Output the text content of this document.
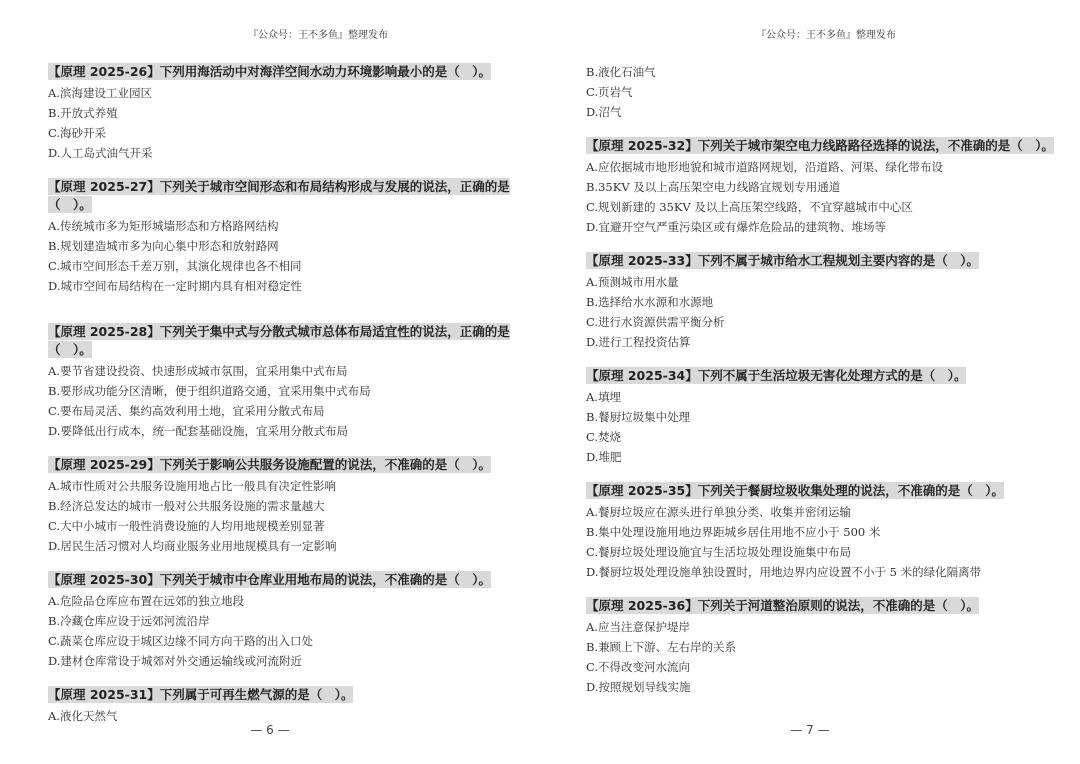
『公众号：王不多鱼』整理发布
【原理 2025-26】下列用海活动中对海洋空间水动力环境影响最小的是（　）。
A.滨海建设工业园区
B.开放式养殖
C.海砂开采
D.人工岛式油气开采
【原理 2025-27】下列关于城市空间形态和布局结构形成与发展的说法，正确的是（　）。
A.传统城市多为矩形城墙形态和方格路网结构
B.规划建造城市多为向心集中形态和放射路网
C.城市空间形态千差万别，其演化规律也各不相同
D.城市空间布局结构在一定时期内具有相对稳定性
【原理 2025-28】下列关于集中式与分散式城市总体布局适宜性的说法，正确的是（　）。
A.要节省建设投资、快速形成城市氛围，宜采用集中式布局
B.要形成功能分区清晰，便于组织道路交通，宜采用集中式布局
C.要布局灵活、集约高效利用土地，宜采用分散式布局
D.要降低出行成本，统一配套基础设施，宜采用分散式布局
【原理 2025-29】下列关于影响公共服务设施配置的说法，不准确的是（　）。
A.城市性质对公共服务设施用地占比一般具有决定性影响
B.经济总发达的城市一般对公共服务设施的需求量越大
C.大中小城市一般性消费设施的人均用地规模差别显著
D.居民生活习惯对人均商业服务业用地规模具有一定影响
【原理 2025-30】下列关于城市中仓库业用地布局的说法，不准确的是（　）。
A.危险品仓库应布置在远郊的独立地段
B.冷藏仓库应设于远郊河流沿岸
C.蔬菜仓库应设于城区边缘不同方向干路的出入口处
D.建材仓库常设于城郊对外交通运输线或河流附近
【原理 2025-31】下列属于可再生燃气源的是（　）。
A.液化天然气
— 6 —
『公众号：王不多鱼』整理发布
B.液化石油气
C.页岩气
D.沼气
【原理 2025-32】下列关于城市架空电力线路路径选择的说法，不准确的是（　）。
A.应依据城市地形地貌和城市道路网规划，沿道路、河渠、绿化带布设
B.35KV 及以上高压架空电力线路宜规划专用通道
C.规划新建的 35KV 及以上高压架空线路，不宜穿越城市中心区
D.宜避开空气严重污染区或有爆炸危险品的建筑物、堆场等
【原理 2025-33】下列不属于城市给水工程规划主要内容的是（　）。
A.预测城市用水量
B.选择给水水源和水源地
C.进行水资源供需平衡分析
D.进行工程投资估算
【原理 2025-34】下列不属于生活垃圾无害化处理方式的是（　）。
A.填埋
B.餐厨垃圾集中处理
C.焚烧
D.堆肥
【原理 2025-35】下列关于餐厨垃圾收集处理的说法，不准确的是（　）。
A.餐厨垃圾应在源头进行单独分类、收集并密闭运输
B.集中处理设施用地边界距城乡居住用地不应小于 500 米
C.餐厨垃圾处理设施宜与生活垃圾处理设施集中布局
D.餐厨垃圾处理设施单独设置时，用地边界内应设置不小于 5 米的绿化隔离带
【原理 2025-36】下列关于河道整治原则的说法，不准确的是（　）。
A.应当注意保护堤岸
B.兼顾上下游、左右岸的关系
C.不得改变河水流向
D.按照规划导线实施
— 7 —
